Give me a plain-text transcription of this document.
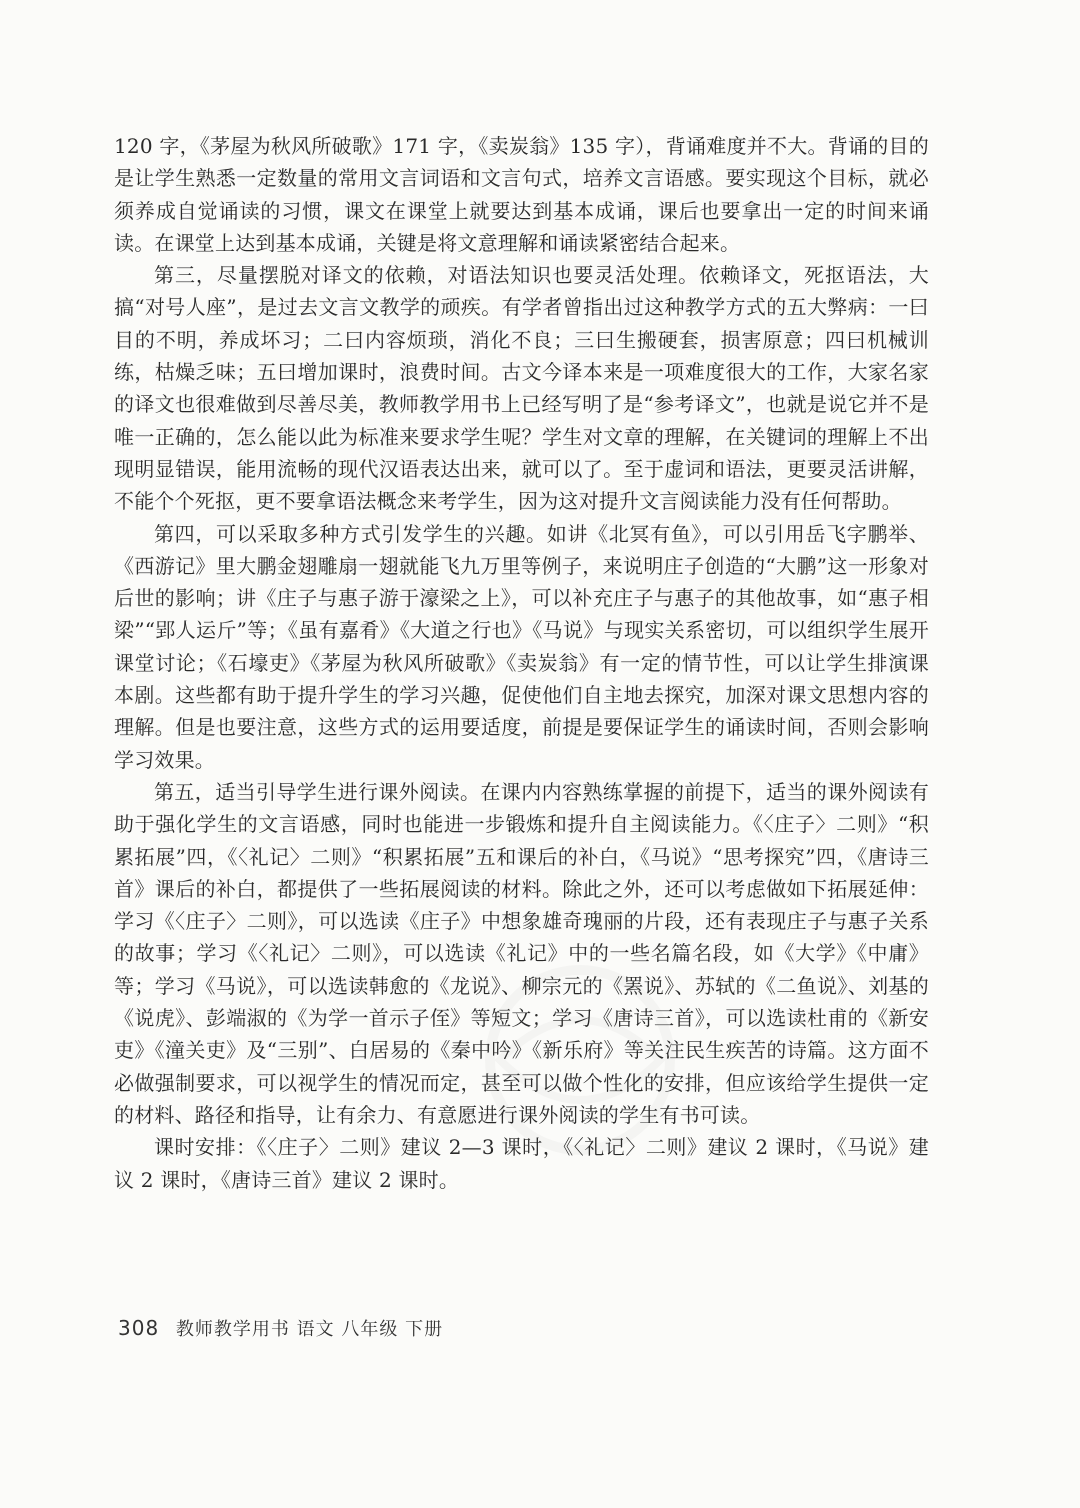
120 字，《茅屋为秋风所破歌》171 字，《卖炭翁》135 字），背诵难度并不大。背诵的目的是让学生熟悉一定数量的常用文言词语和文言句式，培养文言语感。要实现这个目标，就必须养成自觉诵读的习惯，课文在课堂上就要达到基本成诵，课后也要拿出一定的时间来诵读。在课堂上达到基本成诵，关键是将文意理解和诵读紧密结合起来。

第三，尽量摆脱对译文的依赖，对语法知识也要灵活处理。依赖译文，死抠语法，大搞“对号人座”，是过去文言文教学的顽疾。有学者曾指出过这种教学方式的五大弊病：一曰目的不明，养成坏习；二曰内容烦琐，消化不良；三曰生搬硬套，损害原意；四曰机械训练，枯燥乏味；五曰增加课时，浪费时间。古文今译本来是一项难度很大的工作，大家名家的译文也很难做到尽善尽美，教师教学用书上已经写明了是“参考译文”，也就是说它并不是唯一正确的，怎么能以此为标准来要求学生呢？学生对文章的理解，在关键词的理解上不出现明显错误，能用流畅的现代汉语表达出来，就可以了。至于虚词和语法，更要灵活讲解，不能个个死抠，更不要拿语法概念来考学生，因为这对提升文言阅读能力没有任何帮助。

第四，可以采取多种方式引发学生的兴趣。如讲《北冥有鱼》，可以引用岳飞字鹏举、《西游记》里大鹏金翅雕扇一翅就能飞九万里等例子，来说明庄子创造的“大鹏”这一形象对后世的影响；讲《庄子与惠子游于濠梁之上》，可以补充庄子与惠子的其他故事，如“惠子相梁”“郢人运斤”等；《虽有嘉肴》《大道之行也》《马说》与现实关系密切，可以组织学生展开课堂讨论；《石壕吏》《茅屋为秋风所破歌》《卖炭翁》有一定的情节性，可以让学生排演课本剧。这些都有助于提升学生的学习兴趣，促使他们自主地去探究，加深对课文思想内容的理解。但是也要注意，这些方式的运用要适度，前提是要保证学生的诵读时间，否则会影响学习效果。

第五，适当引导学生进行课外阅读。在课内内容熟练掌握的前提下，适当的课外阅读有助于强化学生的文言语感，同时也能进一步锻炼和提升自主阅读能力。《〈庄子〉二则》“积累拓展”四，《〈礼记〉二则》“积累拓展”五和课后的补白，《马说》“思考探究”四，《唐诗三首》课后的补白，都提供了一些拓展阅读的材料。除此之外，还可以考虑做如下拓展延伸：学习《〈庄子〉二则》，可以选读《庄子》中想象雄奇瑰丽的片段，还有表现庄子与惠子关系的故事；学习《〈礼记〉二则》，可以选读《礼记》中的一些名篇名段，如《大学》《中庸》等；学习《马说》，可以选读韩愈的《龙说》、柳宗元的《罴说》、苏轼的《二鱼说》、刘基的《说虎》、彭端淑的《为学一首示子侄》等短文；学习《唐诗三首》，可以选读杜甫的《新安吏》《潼关吏》及“三别”、白居易的《秦中吟》《新乐府》等关注民生疾苦的诗篇。这方面不必做强制要求，可以视学生的情况而定，甚至可以做个性化的安排，但应该给学生提供一定的材料、路径和指导，让有余力、有意愿进行课外阅读的学生有书可读。

课时安排：《〈庄子〉二则》建议 2—3 课时，《〈礼记〉二则》建议 2 课时，《马说》建议 2 课时，《唐诗三首》建议 2 课时。

308 教师教学用书 语文 八年级 下册
